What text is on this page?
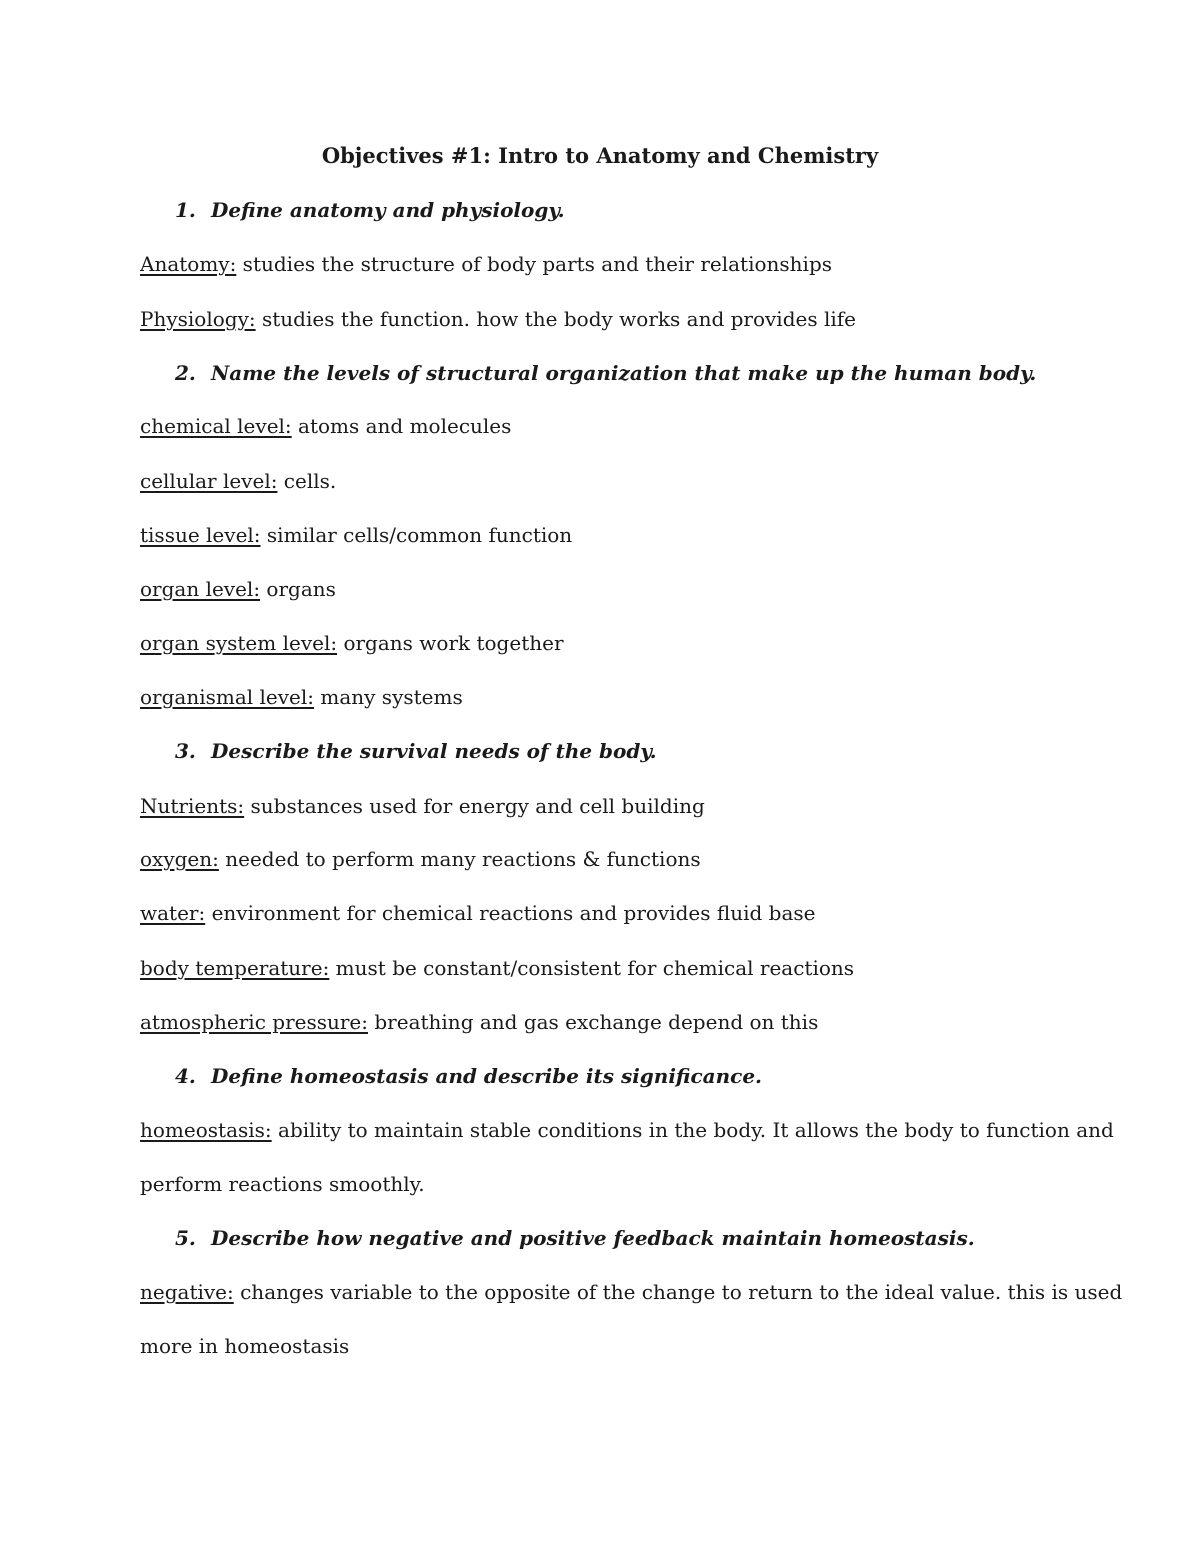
Objectives #1: Intro to Anatomy and Chemistry
1. Define anatomy and physiology.
Anatomy: studies the structure of body parts and their relationships
Physiology: studies the function. how the body works and provides life
2. Name the levels of structural organization that make up the human body.
chemical level: atoms and molecules
cellular level: cells.
tissue level: similar cells/common function
organ level: organs
organ system level: organs work together
organismal level: many systems
3. Describe the survival needs of the body.
Nutrients: substances used for energy and cell building
oxygen: needed to perform many reactions & functions
water: environment for chemical reactions and provides fluid base
body temperature: must be constant/consistent for chemical reactions
atmospheric pressure: breathing and gas exchange depend on this
4. Define homeostasis and describe its significance.
homeostasis: ability to maintain stable conditions in the body. It allows the body to function and
perform reactions smoothly.
5. Describe how negative and positive feedback maintain homeostasis.
negative: changes variable to the opposite of the change to return to the ideal value. this is used
more in homeostasis
